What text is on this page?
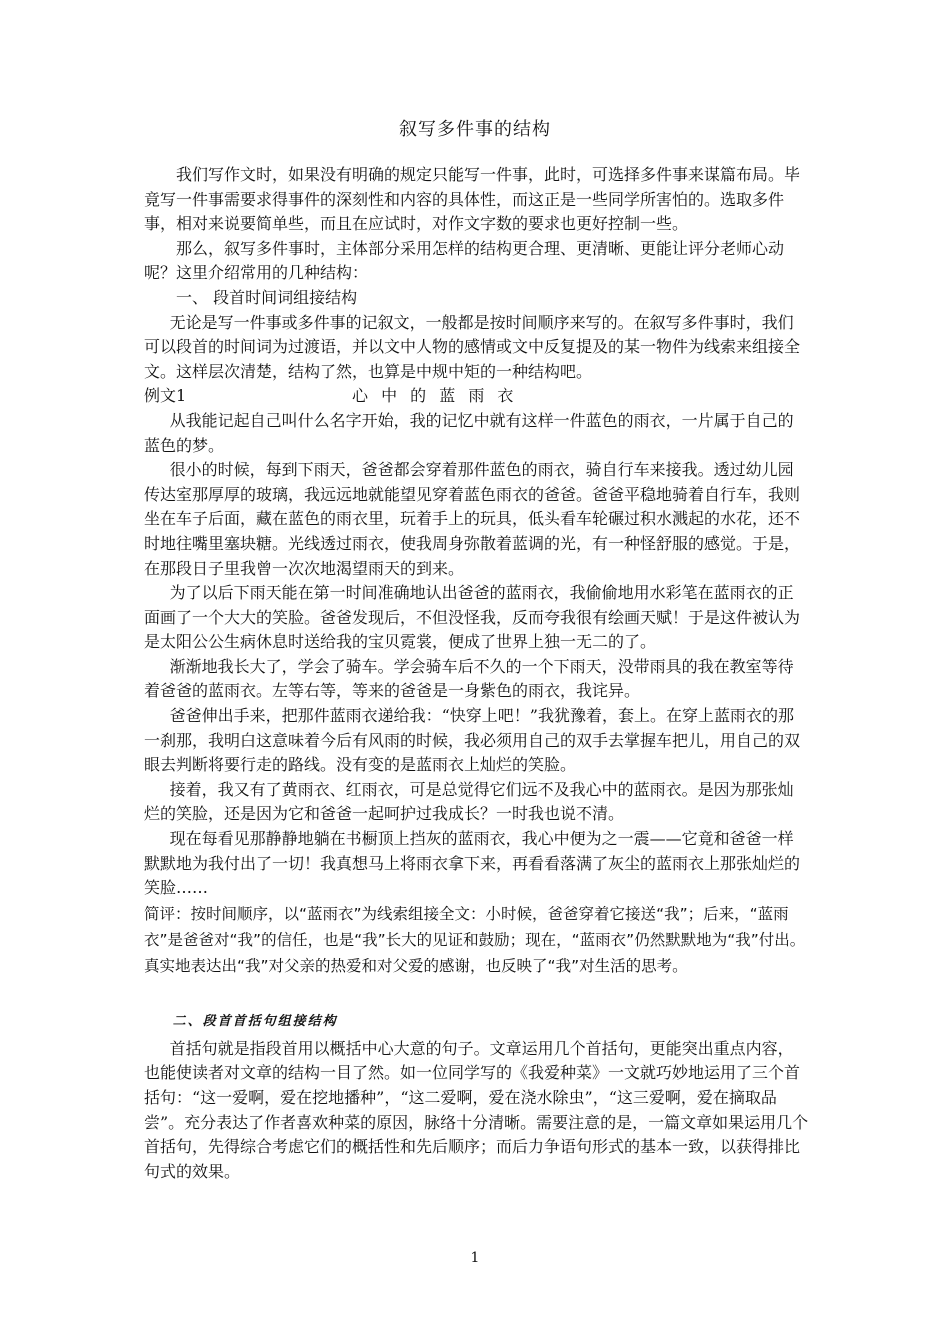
叙写多件事的结构

我们写作文时，如果没有明确的规定只能写一件事，此时，可选择多件事来谋篇布局。毕竟写一件事需要求得事件的深刻性和内容的具体性，而这正是一些同学所害怕的。选取多件事，相对来说要简单些，而且在应试时，对作文字数的要求也更好控制一些。

那么，叙写多件事时，主体部分采用怎样的结构更合理、更清晰、更能让评分老师心动呢？这里介绍常用的几种结构：

一、 段首时间词组接结构

无论是写一件事或多件事的记叙文，一般都是按时间顺序来写的。在叙写多件事时，我们可以段首的时间词为过渡语，并以文中人物的感情或文中反复提及的某一物件为线索来组接全文。这样层次清楚，结构了然，也算是中规中矩的一种结构吧。

例文1	心 中 的 蓝 雨 衣

从我能记起自己叫什么名字开始，我的记忆中就有这样一件蓝色的雨衣，一片属于自己的蓝色的梦。

很小的时候，每到下雨天，爸爸都会穿着那件蓝色的雨衣，骑自行车来接我。透过幼儿园传达室那厚厚的玻璃，我远远地就能望见穿着蓝色雨衣的爸爸。爸爸平稳地骑着自行车，我则坐在车子后面，藏在蓝色的雨衣里，玩着手上的玩具，低头看车轮碾过积水溅起的水花，还不时地往嘴里塞块糖。光线透过雨衣，使我周身弥散着蓝调的光，有一种怪舒服的感觉。于是，在那段日子里我曾一次次地渴望雨天的到来。

为了以后下雨天能在第一时间准确地认出爸爸的蓝雨衣，我偷偷地用水彩笔在蓝雨衣的正面画了一个大大的笑脸。爸爸发现后，不但没怪我，反而夸我很有绘画天赋！于是这件被认为是太阳公公生病休息时送给我的宝贝霓裳，便成了世界上独一无二的了。

渐渐地我长大了，学会了骑车。学会骑车后不久的一个下雨天，没带雨具的我在教室等待着爸爸的蓝雨衣。左等右等，等来的爸爸是一身紫色的雨衣，我诧异。

爸爸伸出手来，把那件蓝雨衣递给我：“快穿上吧！”我犹豫着，套上。在穿上蓝雨衣的那一刹那，我明白这意味着今后有风雨的时候，我必须用自己的双手去掌握车把儿，用自己的双眼去判断将要行走的路线。没有变的是蓝雨衣上灿烂的笑脸。

接着，我又有了黄雨衣、红雨衣，可是总觉得它们远不及我心中的蓝雨衣。是因为那张灿烂的笑脸，还是因为它和爸爸一起呵护过我成长？一时我也说不清。

现在每看见那静静地躺在书橱顶上挡灰的蓝雨衣，我心中便为之一震——它竟和爸爸一样默默地为我付出了一切！我真想马上将雨衣拿下来，再看看落满了灰尘的蓝雨衣上那张灿烂的笑脸……

简评：按时间顺序，以“蓝雨衣”为线索组接全文：小时候，爸爸穿着它接送“我”；后来，“蓝雨衣”是爸爸对“我”的信任，也是“我”长大的见证和鼓励；现在，“蓝雨衣”仍然默默地为“我”付出。真实地表达出“我”对父亲的热爱和对父爱的感谢，也反映了“我”对生活的思考。

二、段首首括句组接结构

首括句就是指段首用以概括中心大意的句子。文章运用几个首括句，更能突出重点内容，也能使读者对文章的结构一目了然。如一位同学写的《我爱种菜》一文就巧妙地运用了三个首括句：“这一爱啊，爱在挖地播种”，“这二爱啊，爱在浇水除虫”，“这三爱啊，爱在摘取品尝”。充分表达了作者喜欢种菜的原因，脉络十分清晰。需要注意的是，一篇文章如果运用几个首括句，先得综合考虑它们的概括性和先后顺序；而后力争语句形式的基本一致，以获得排比句式的效果。

1
